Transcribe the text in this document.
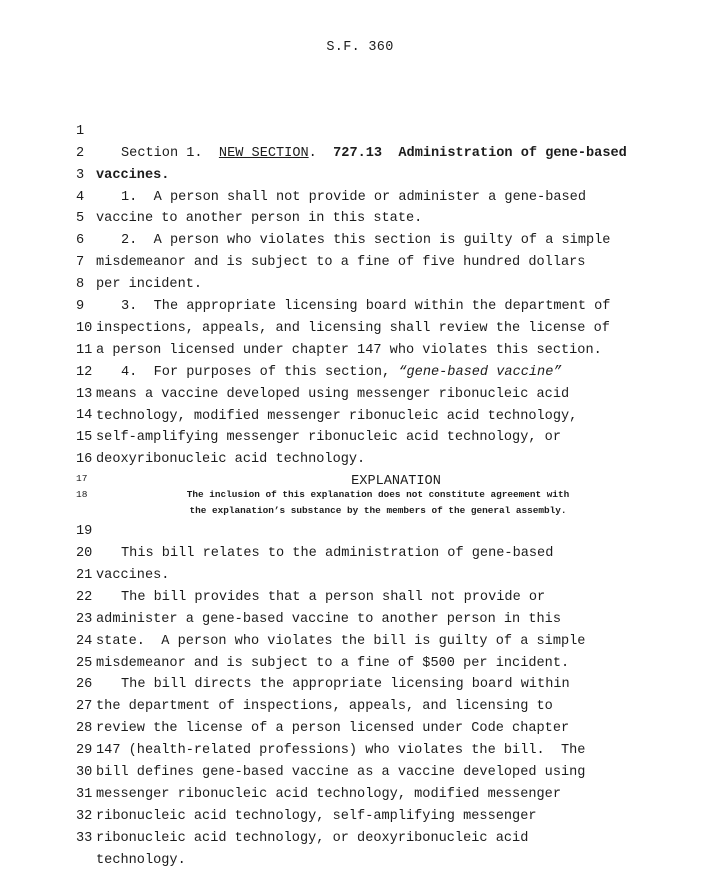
S.F. 360

1

Section 1.  NEW SECTION.  727.13  Administration of gene-based

2

vaccines.

3

1.  A person shall not provide or administer a gene-based

4

vaccine to another person in this state.

5

2.  A person who violates this section is guilty of a simple

6

misdemeanor and is subject to a fine of five hundred dollars

7

per incident.

8

3.  The appropriate licensing board within the department of

9

inspections, appeals, and licensing shall review the license of

10

a person licensed under chapter 147 who violates this section.

11

4.  For purposes of this section, “gene-based vaccine”

12

means a vaccine developed using messenger ribonucleic acid

13

technology, modified messenger ribonucleic acid technology,

14

self-amplifying messenger ribonucleic acid technology, or

15

deoxyribonucleic acid technology.

16

EXPLANATION

17

The inclusion of this explanation does not constitute agreement with

18

the explanation’s substance by the members of the general assembly.

19

This bill relates to the administration of gene-based

20

vaccines.

21

The bill provides that a person shall not provide or

22

administer a gene-based vaccine to another person in this

23

state.  A person who violates the bill is guilty of a simple

24

misdemeanor and is subject to a fine of $500 per incident.

25

The bill directs the appropriate licensing board within

26

the department of inspections, appeals, and licensing to

27

review the license of a person licensed under Code chapter

28

147 (health-related professions) who violates the bill.  The

29

bill defines gene-based vaccine as a vaccine developed using

30

messenger ribonucleic acid technology, modified messenger

31

ribonucleic acid technology, self-amplifying messenger

32

ribonucleic acid technology, or deoxyribonucleic acid

33

technology.
